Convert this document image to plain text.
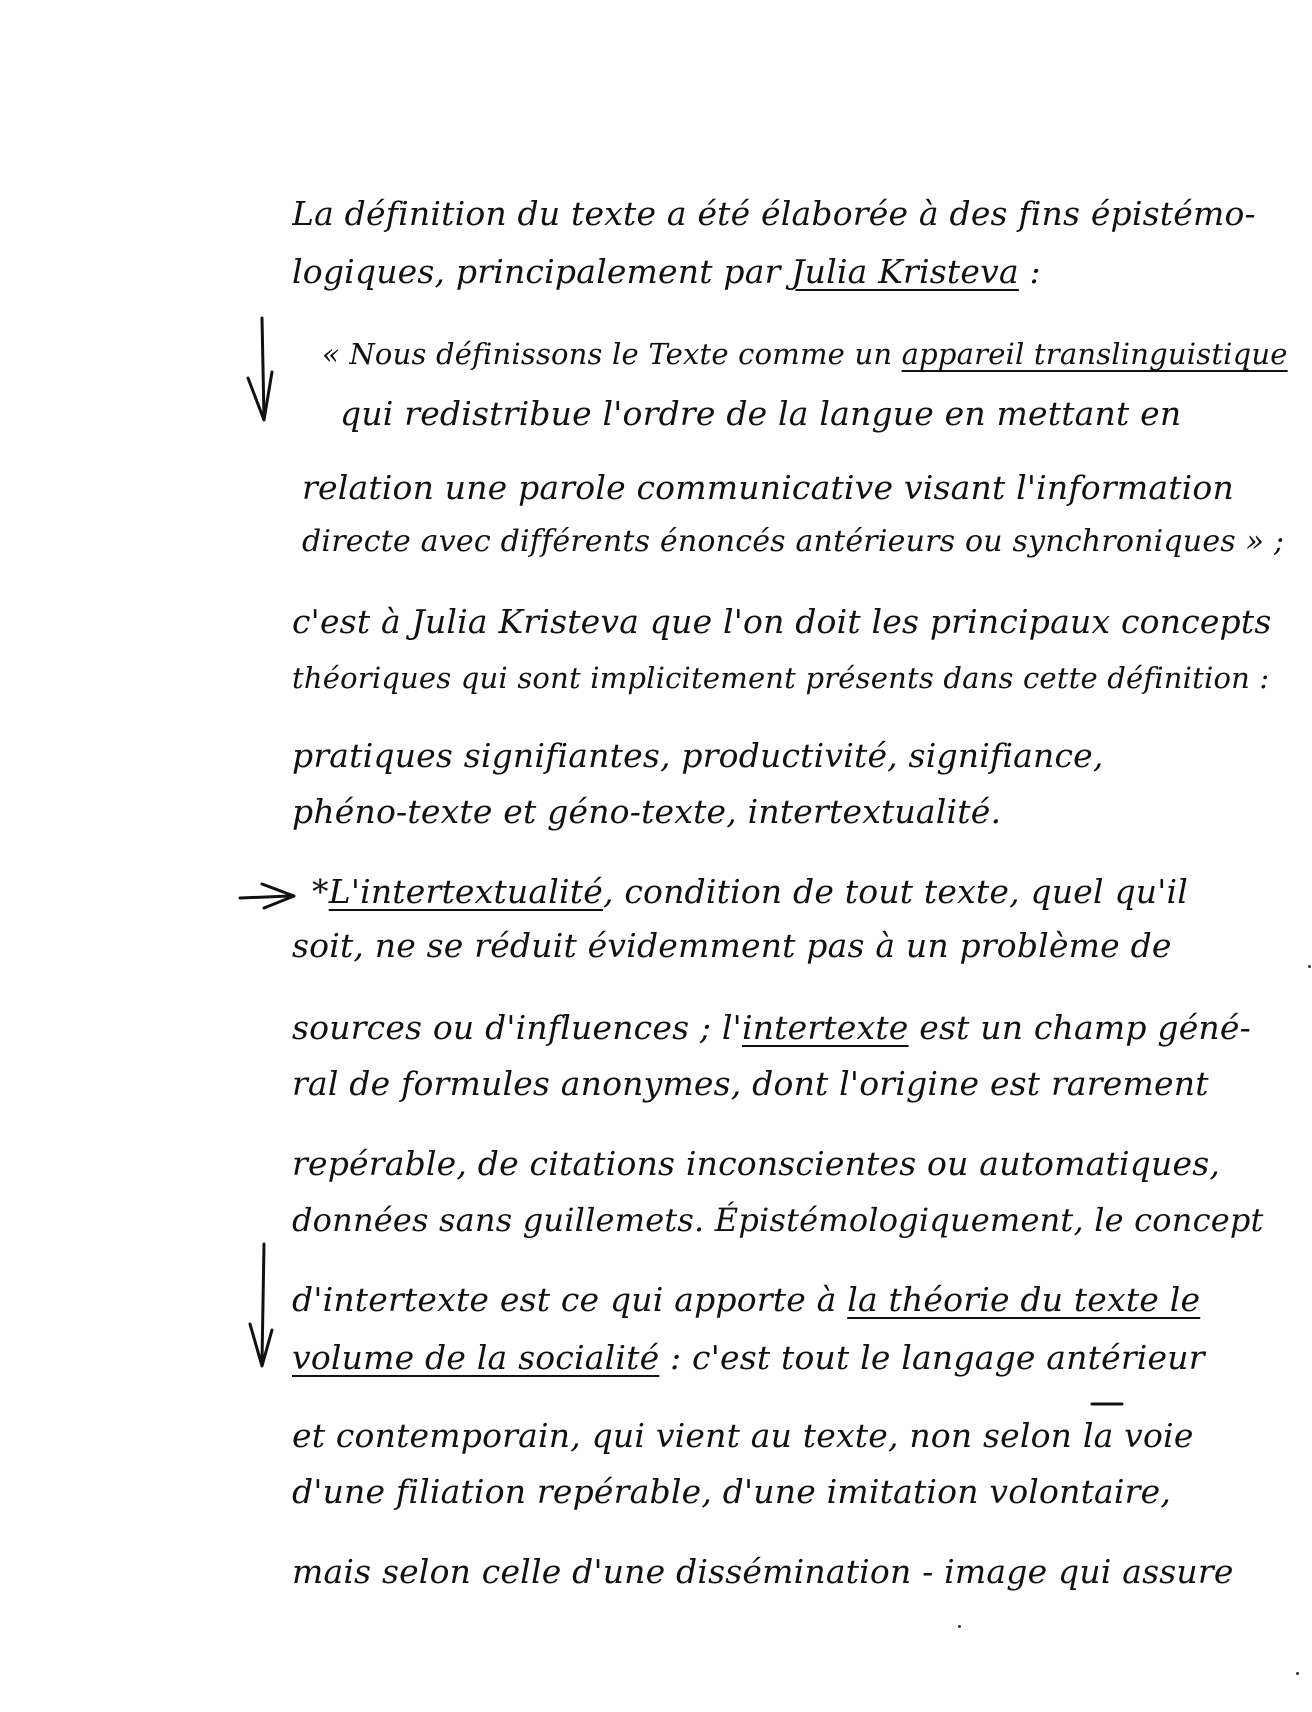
La définition du texte a été élaborée à des fins épistémo-
logiques, principalement par Julia Kristeva :
« Nous définissons le Texte comme un appareil translinguistique
qui redistribue l'ordre de la langue en mettant en
relation une parole communicative visant l'information
directe avec différents énoncés antérieurs ou synchroniques » ;
c'est à Julia Kristeva que l'on doit les principaux concepts
théoriques qui sont implicitement présents dans cette définition :
pratiques signifiantes, productivité, signifiance,
phéno-texte et géno-texte, intertextualité.
*L'intertextualité, condition de tout texte, quel qu'il
soit, ne se réduit évidemment pas à un problème de
sources ou d'influences ; l'intertexte est un champ géné-
ral de formules anonymes, dont l'origine est rarement
repérable, de citations inconscientes ou automatiques,
données sans guillemets. Épistémologiquement, le concept
d'intertexte est ce qui apporte à la théorie du texte le
volume de la socialité : c'est tout le langage antérieur
et contemporain, qui vient au texte, non selon la voie
d'une filiation repérable, d'une imitation volontaire,
mais selon celle d'une dissémination - image qui assure
